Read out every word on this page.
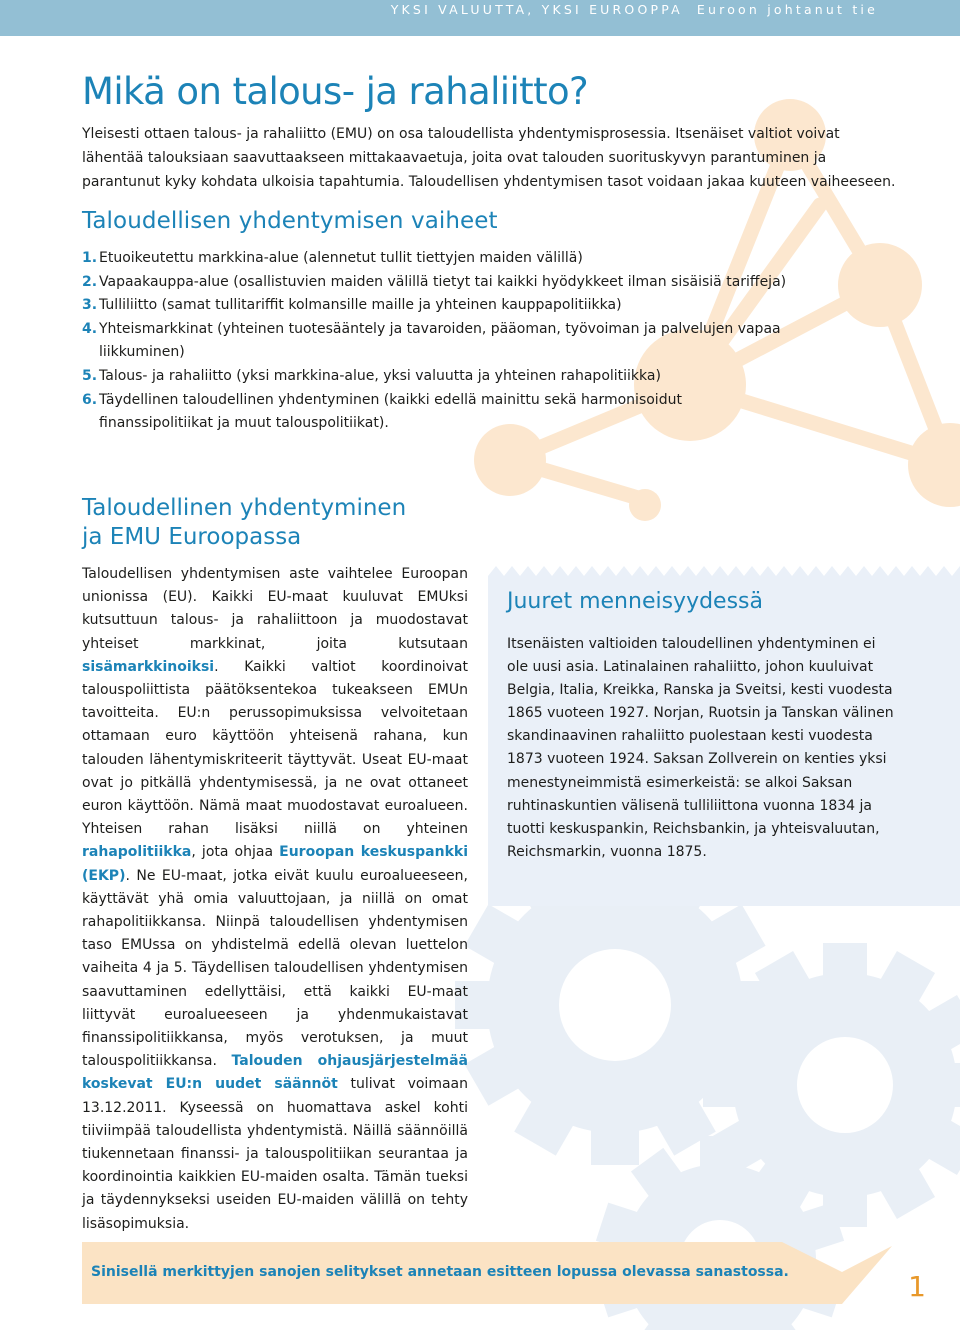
YKSI VALUUTTA, YKSI EUROOPPA Euroon johtanut tie
Mikä on talous- ja rahaliitto?

Yleisesti ottaen talous- ja rahaliitto (EMU) on osa taloudellista yhdentymisprosessia. Itsenäiset valtiot voivat lähentää talouksiaan saavuttaakseen mittakaavaetuja, joita ovat talouden suorituskyvyn parantuminen ja parantunut kyky kohdata ulkoisia tapahtumia. Taloudellisen yhdentymisen tasot voidaan jakaa kuuteen vaiheeseen.

Taloudellisen yhdentymisen vaiheet
1. Etuoikeutettu markkina-alue (alennetut tullit tiettyjen maiden välillä)
2. Vapaakauppa-alue (osallistuvien maiden välillä tietyt tai kaikki hyödykkeet ilman sisäisiä tariffeja)
3. Tulliliitto (samat tullitariffit kolmansille maille ja yhteinen kauppapolitiikka)
4. Yhteismarkkinat (yhteinen tuotesääntely ja tavaroiden, pääoman, työvoiman ja palvelujen vapaa liikkuminen)
5. Talous- ja rahaliitto (yksi markkina-alue, yksi valuutta ja yhteinen rahapolitiikka)
6. Täydellinen taloudellinen yhdentyminen (kaikki edellä mainittu sekä harmonisoidut finanssipolitiikat ja muut talouspolitiikat).
Taloudellinen yhdentyminen
ja EMU Euroopassa

Taloudellisen yhdentymisen aste vaihtelee Euroopan unionissa (EU). Kaikki EU-maat kuuluvat EMUksi kutsuttuun talous- ja rahaliittoon ja muodostavat yhteiset markkinat, joita kutsutaan sisämarkkinoiksi. Kaikki valtiot koordinoivat talouspoliittista päätöksentekoa tukeakseen EMUn tavoitteita. EU:n perussopimuksissa velvoitetaan ottamaan euro käyttöön yhteisenä rahana, kun talouden lähentymiskriteerit täyttyvät. Useat EU-maat ovat jo pitkällä yhdentymisessä, ja ne ovat ottaneet euron käyttöön. Nämä maat muodostavat euroalueen. Yhteisen rahan lisäksi niillä on yhteinen rahapolitiikka, jota ohjaa Euroopan keskuspankki (EKP). Ne EU-maat, jotka eivät kuulu euroalueeseen, käyttävät yhä omia valuuttojaan, ja niillä on omat rahapolitiikkansa. Niinpä taloudellisen yhdentymisen taso EMUssa on yhdistelmä edellä olevan luettelon vaiheita 4 ja 5. Täydellisen taloudellisen yhdentymisen saavuttaminen edellyttäisi, että kaikki EU-maat liittyvät euroalueeseen ja yhdenmukaistavat finanssipolitiikkansa, myös verotuksen, ja muut talouspolitiikkansa. Talouden ohjausjärjestelmää koskevat EU:n uudet säännöt tulivat voimaan 13.12.2011. Kyseessä on huomattava askel kohti tiiviimpää taloudellista yhdentymistä. Näillä säännöillä tiukennetaan finanssi- ja talouspolitiikan seurantaa ja koordinointia kaikkien EU-maiden osalta. Tämän tueksi ja täydennykseksi useiden EU-maiden välillä on tehty lisäsopimuksia.

Juuret menneisyydessä

Itsenäisten valtioiden taloudellinen yhdentyminen ei ole uusi asia. Latinalainen rahaliitto, johon kuuluivat Belgia, Italia, Kreikka, Ranska ja Sveitsi, kesti vuodesta 1865 vuoteen 1927. Norjan, Ruotsin ja Tanskan välinen skandinaavinen rahaliitto puolestaan kesti vuodesta 1873 vuoteen 1924. Saksan Zollverein on kenties yksi menestyneimmistä esimerkeistä: se alkoi Saksan ruhtinaskuntien välisenä tulliliittona vuonna 1834 ja tuotti keskuspankin, Reichsbankin, ja yhteisvaluutan, Reichsmarkin, vuonna 1875.

Sinisellä merkittyjen sanojen selitykset annetaan esitteen lopussa olevassa sanastossa.	1
